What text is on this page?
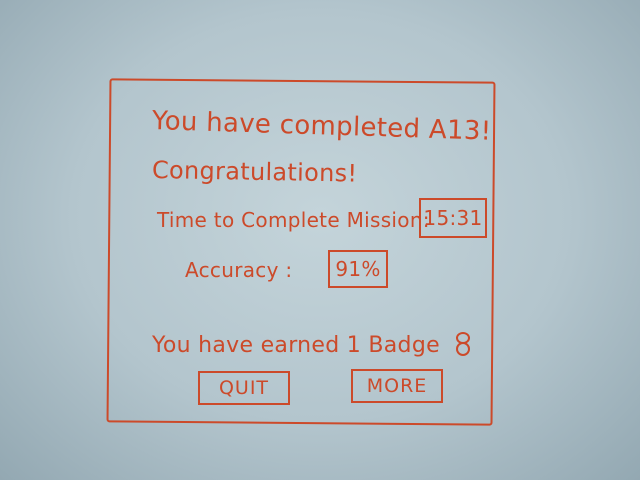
You have completed A13!
Congratulations!
Time to Complete Mission:
15:31
Accuracy :	91%
You have earned 1 Badge
QUIT	MORE
